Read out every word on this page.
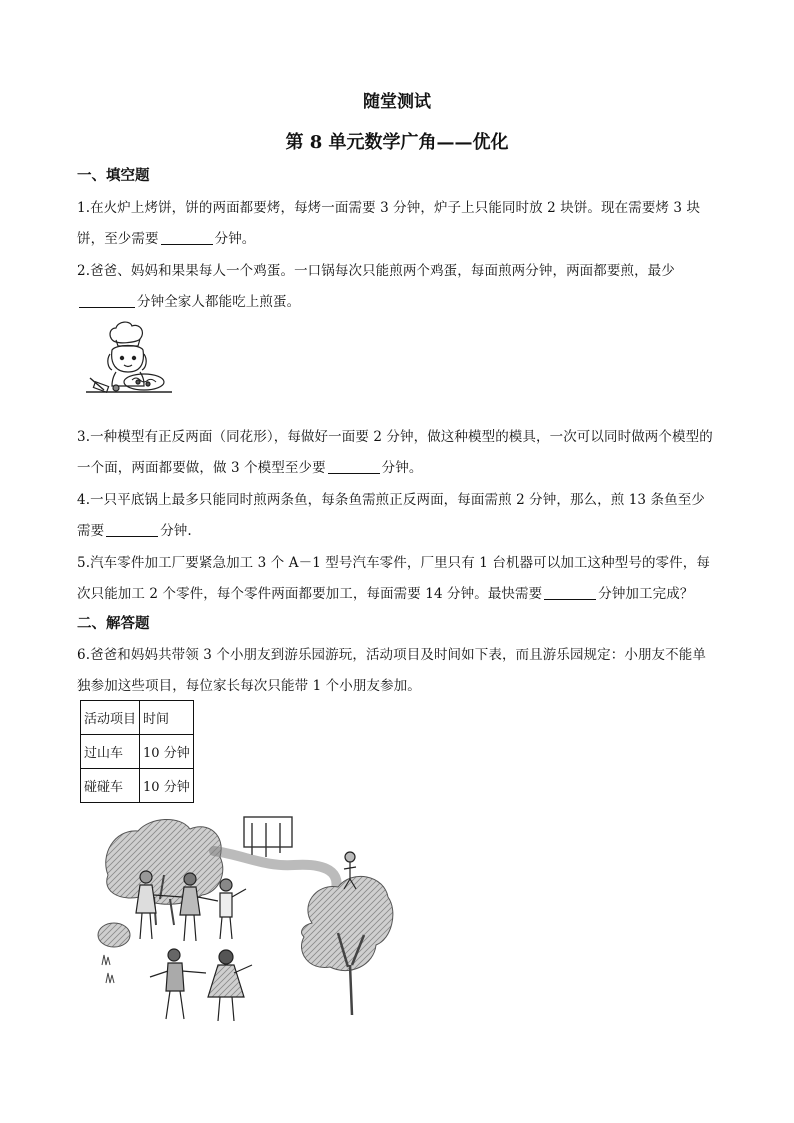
随堂测试
第 8 单元数学广角——优化
一、填空题
1.在火炉上烤饼，饼的两面都要烤，每烤一面需要 3 分钟，炉子上只能同时放 2 块饼。现在需要烤 3 块饼，至少需要	分钟。
2.爸爸、妈妈和果果每人一个鸡蛋。一口锅每次只能煎两个鸡蛋，每面煎两分钟，两面都要煎，最少分钟全家人都能吃上煎蛋。
3.一种模型有正反两面（同花形），每做好一面要 2 分钟，做这种模型的模具，一次可以同时做两个模型的一个面，两面都要做，做 3 个模型至少要	分钟。
4.一只平底锅上最多只能同时煎两条鱼，每条鱼需煎正反两面，每面需煎 2 分钟，那么，煎 13 条鱼至少需要	分钟.
5.汽车零件加工厂要紧急加工 3 个 A－1 型号汽车零件，厂里只有 1 台机器可以加工这种型号的零件，每次只能加工 2 个零件，每个零件两面都要加工，每面需要 14 分钟。最快需要	分钟加工完成？
二、解答题
6.爸爸和妈妈共带领 3 个小朋友到游乐园游玩，活动项目及时间如下表，而且游乐园规定：小朋友不能单独参加这些项目，每位家长每次只能带 1 个小朋友参加。
活动项目	时间
过山车	10 分钟
碰碰车	10 分钟
